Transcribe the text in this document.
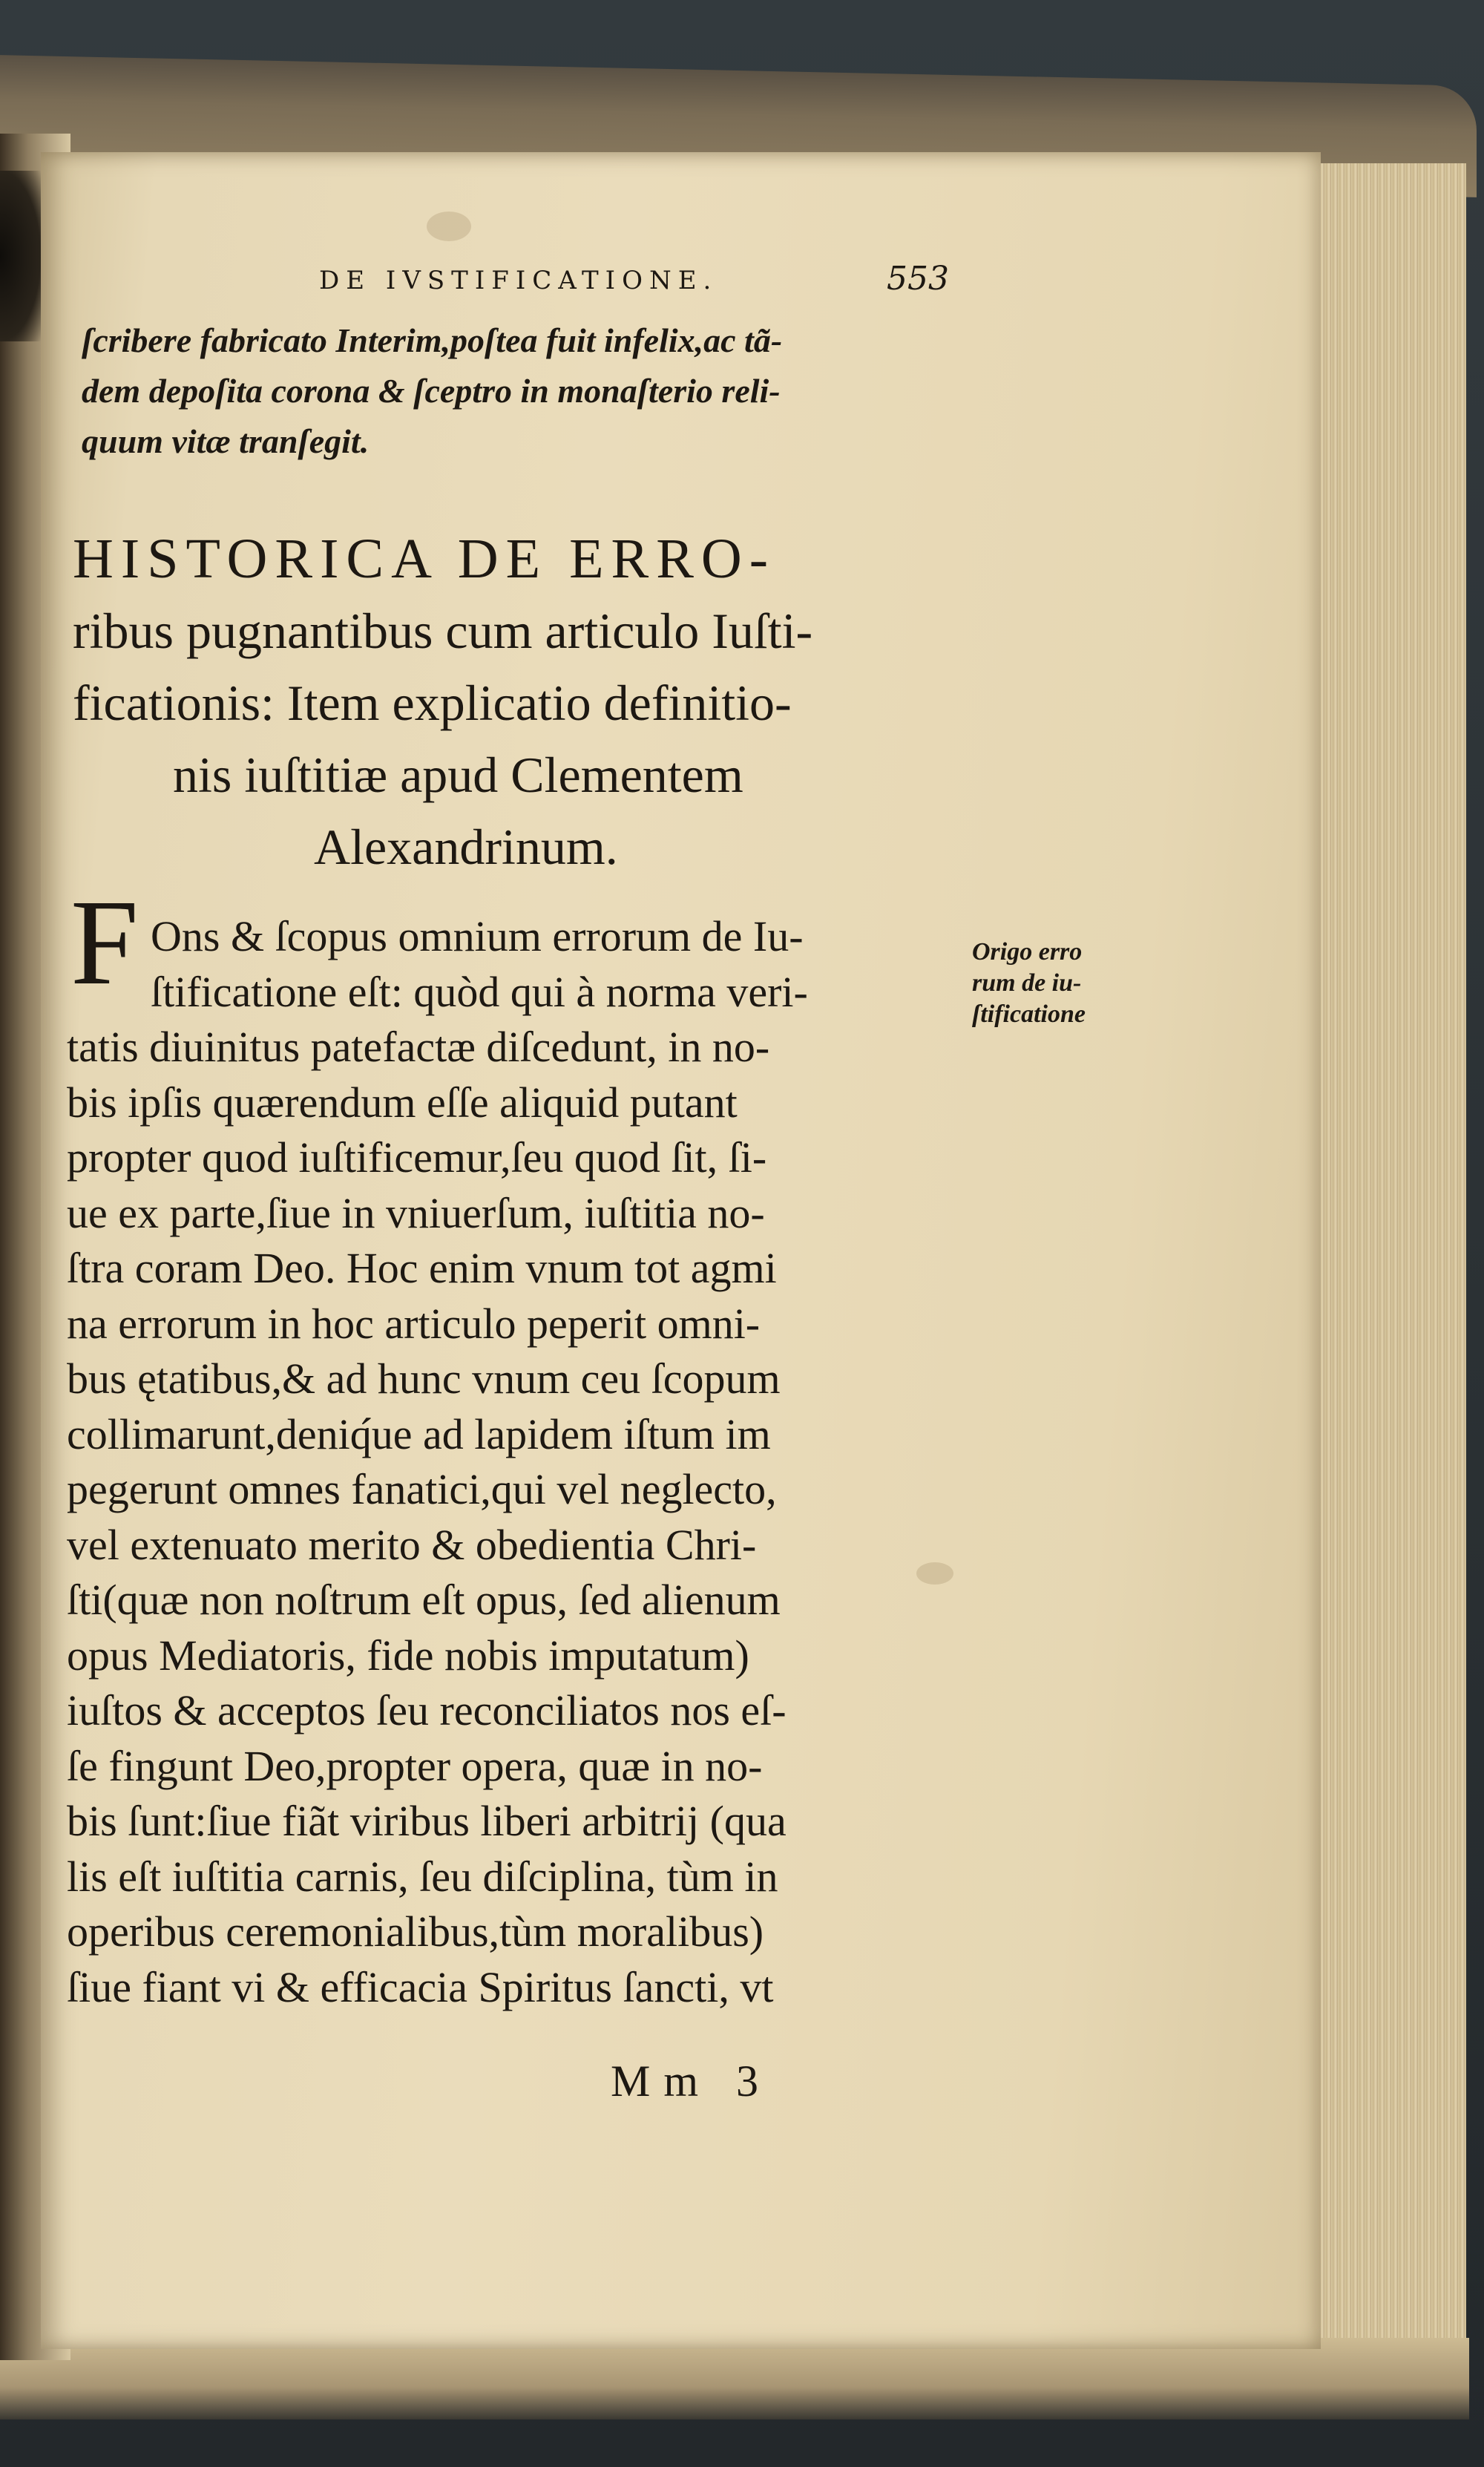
DE IVSTIFICATIONE.	553
ſcribere fabricato Interim,poſtea fuit infelix,ac tã-
dem depoſita corona & ſceptro in monaſterio reli-
quum vitæ tranſegit.
HISTORICA DE ERRO-
ribus pugnantibus cum articulo Iuſti-
ficationis: Item explicatio definitio-
nis iuſtitiæ apud Clementem
Alexandrinum.
F Ons & ſcopus omnium errorum de Iu-
ſtificatione eſt: quòd qui à norma veri-
tatis diuinitus patefactæ diſcedunt, in no-
bis ipſis quærendum eſſe aliquid putant
propter quod iuſtificemur,ſeu quod ſit, ſi-
ue ex parte,ſiue in vniuerſum, iuſtitia no-
ſtra coram Deo. Hoc enim vnum tot agmi
na errorum in hoc articulo peperit omni-
bus ętatibus,& ad hunc vnum ceu ſcopum
collimarunt,deniq́ue ad lapidem iſtum im
pegerunt omnes fanatici,qui vel neglecto,
vel extenuato merito & obedientia Chri-
ſti(quæ non noſtrum eſt opus, ſed alienum
opus Mediatoris, fide nobis imputatum)
iuſtos & acceptos ſeu reconciliatos nos eſ-
ſe fingunt Deo,propter opera, quæ in no-
bis ſunt:ſiue fiãt viribus liberi arbitrij (qua
lis eſt iuſtitia carnis, ſeu diſciplina, tùm in
operibus ceremonialibus,tùm moralibus)
ſiue fiant vi & efficacia Spiritus ſancti, vt
Origo erro
rum de iu-
ſtificatione
Mm 3
